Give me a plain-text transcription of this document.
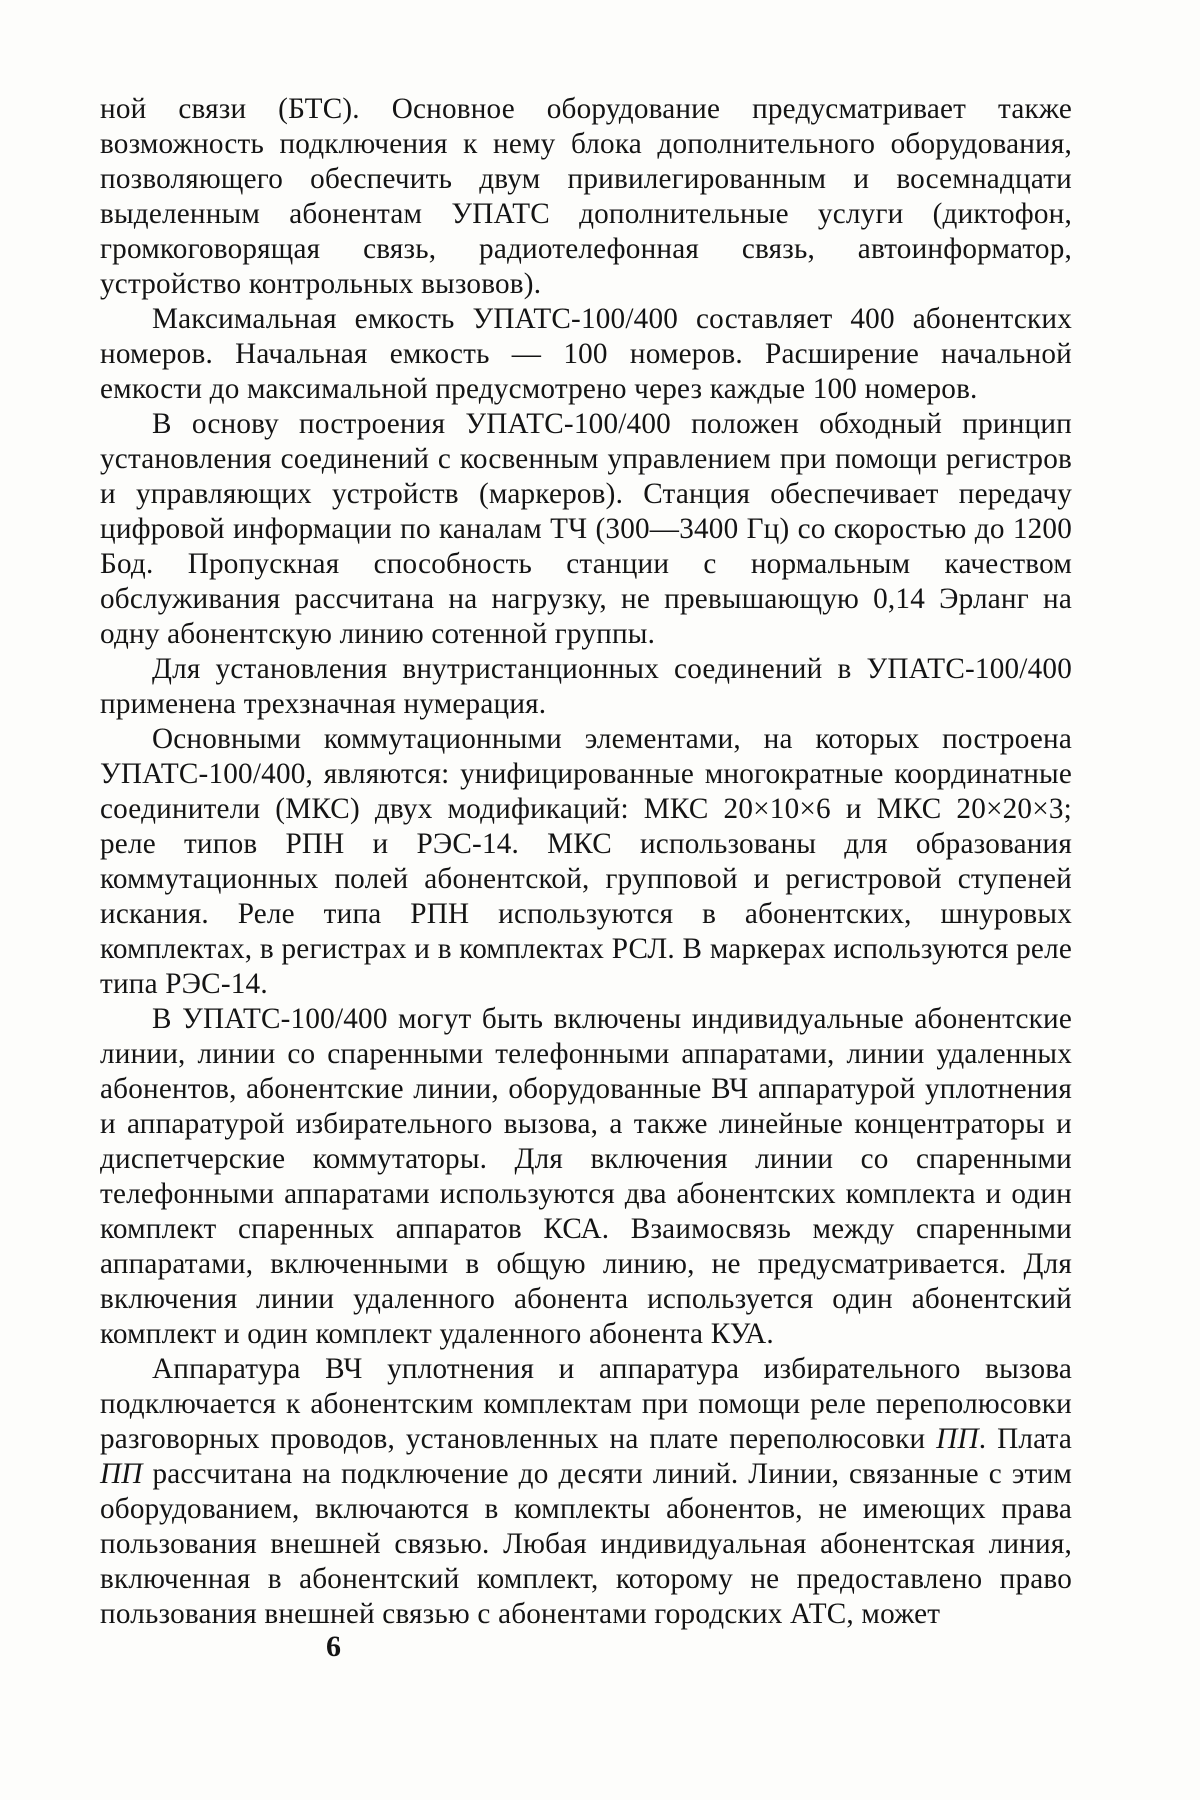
ной связи (БТС). Основное оборудование предусматривает также возможность подключения к нему блока дополнительного оборудования, позволяющего обеспечить двум привилегированным и восемнадцати выделенным абонентам УПАТС дополнительные услуги (диктофон, громкоговорящая связь, радиотелефонная связь, автоинформатор, устройство контрольных вызовов).

Максимальная емкость УПАТС-100/400 составляет 400 абонентских номеров. Начальная емкость — 100 номеров. Расширение начальной емкости до максимальной предусмотрено через каждые 100 номеров.

В основу построения УПАТС-100/400 положен обходный принцип установления соединений с косвенным управлением при помощи регистров и управляющих устройств (маркеров). Станция обеспечивает передачу цифровой информации по каналам ТЧ (300—3400 Гц) со скоростью до 1200 Бод. Пропускная способность станции с нормальным качеством обслуживания рассчитана на нагрузку, не превышающую 0,14 Эрланг на одну абонентскую линию сотенной группы.

Для установления внутристанционных соединений в УПАТС-100/400 применена трехзначная нумерация.

Основными коммутационными элементами, на которых построена УПАТС-100/400, являются: унифицированные многократные координатные соединители (МКС) двух модификаций: МКС 20×10×6 и МКС 20×20×3; реле типов РПН и РЭС-14. МКС использованы для образования коммутационных полей абонентской, групповой и регистровой ступеней искания. Реле типа РПН используются в абонентских, шнуровых комплектах, в регистрах и в комплектах РСЛ. В маркерах используются реле типа РЭС-14.

В УПАТС-100/400 могут быть включены индивидуальные абонентские линии, линии со спаренными телефонными аппаратами, линии удаленных абонентов, абонентские линии, оборудованные ВЧ аппаратурой уплотнения и аппаратурой избирательного вызова, а также линейные концентраторы и диспетчерские коммутаторы. Для включения линии со спаренными телефонными аппаратами используются два абонентских комплекта и один комплект спаренных аппаратов КСА. Взаимосвязь между спаренными аппаратами, включенными в общую линию, не предусматривается. Для включения линии удаленного абонента используется один абонентский комплект и один комплект удаленного абонента КУА.

Аппаратура ВЧ уплотнения и аппаратура избирательного вызова подключается к абонентским комплектам при помощи реле переполюсовки разговорных проводов, установленных на плате переполюсовки ПП. Плата ПП рассчитана на подключение до десяти линий. Линии, связанные с этим оборудованием, включаются в комплекты абонентов, не имеющих права пользования внешней связью. Любая индивидуальная абонентская линия, включенная в абонентский комплект, которому не предоставлено право пользования внешней связью с абонентами городских АТС, может

6
